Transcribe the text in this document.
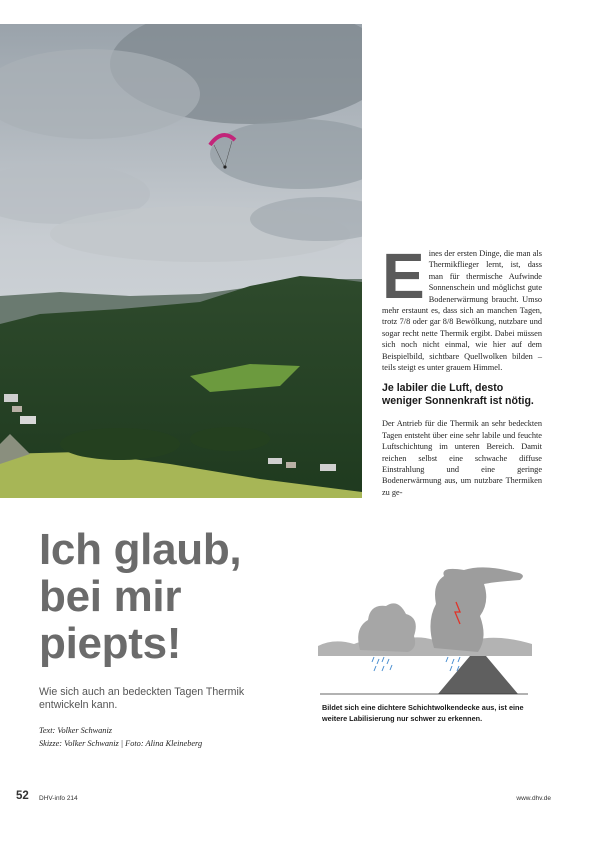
Eines der ersten Dinge, die man als Thermikflieger lernt, ist, dass man für thermische Aufwinde Sonnenschein und möglichst gute Bodenerwärmung braucht. Umso mehr erstaunt es, dass sich an manchen Tagen, trotz 7/8 oder gar 8/8 Bewölkung, nutzbare und sogar recht nette Thermik ergibt. Dabei müssen sich noch nicht einmal, wie hier auf dem Beispielbild, sichtbare Quellwolken bilden – teils steigt es unter grauem Himmel.

Je labiler die Luft, desto weniger Sonnenkraft ist nötig.

Der Antrieb für die Thermik an sehr bedeckten Tagen entsteht über eine sehr labile und feuchte Luftschichtung im unteren Bereich. Damit reichen selbst eine schwache diffuse Einstrahlung und eine geringe Bodenerwärmung aus, um nutzbare Thermiken zu ge-

Ich glaub,
bei mir
piepts!

Wie sich auch an bedeckten Tagen Thermik entwickeln kann.

Text: Volker Schwaniz

Skizze: Volker Schwaniz | Foto: Alina Kleineberg

Bildet sich eine dichtere Schichtwolkendecke aus, ist eine weitere Labilisierung nur schwer zu erkennen.

52 DHV-info 214	www.dhv.de
